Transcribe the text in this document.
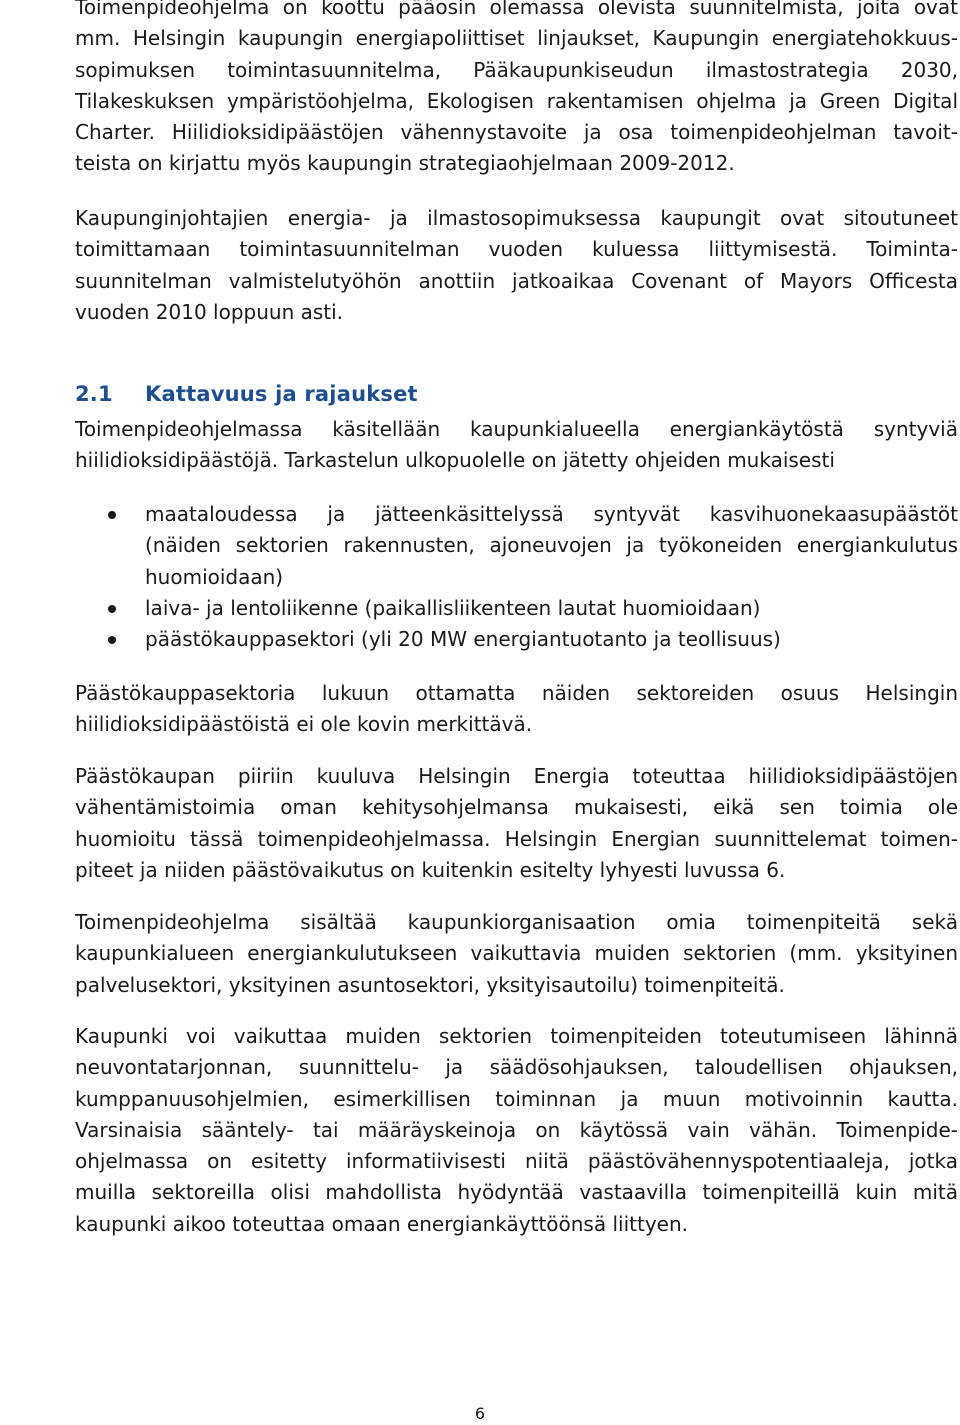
Toimenpideohjelma on koottu pääosin olemassa olevista suunnitelmista, joita ovat
mm. Helsingin kaupungin energiapoliittiset linjaukset, Kaupungin energiatehokkuus-
sopimuksen toimintasuunnitelma, Pääkaupunkiseudun ilmastostrategia 2030,
Tilakeskuksen ympäristöohjelma, Ekologisen rakentamisen ohjelma ja Green Digital
Charter. Hiilidioksidipäästöjen vähennystavoite ja osa toimenpideohjelman tavoit-
teista on kirjattu myös kaupungin strategiaohjelmaan 2009-2012.
Kaupunginjohtajien energia- ja ilmastosopimuksessa kaupungit ovat sitoutuneet
toimittamaan toimintasuunnitelman vuoden kuluessa liittymisestä. Toiminta-
suunnitelman valmistelutyöhön anottiin jatkoaikaa Covenant of Mayors Officesta
vuoden 2010 loppuun asti.
2.1 Kattavuus ja rajaukset
Toimenpideohjelmassa käsitellään kaupunkialueella energiankäytöstä syntyviä
hiilidioksidipäästöjä. Tarkastelun ulkopuolelle on jätetty ohjeiden mukaisesti
maataloudessa ja jätteenkäsittelyssä syntyvät kasvihuonekaasupäästöt
(näiden sektorien rakennusten, ajoneuvojen ja työkoneiden energiankulutus
huomioidaan)
laiva- ja lentoliikenne (paikallisliikenteen lautat huomioidaan)
päästökauppasektori (yli 20 MW energiantuotanto ja teollisuus)
Päästökauppasektoria lukuun ottamatta näiden sektoreiden osuus Helsingin
hiilidioksidipäästöistä ei ole kovin merkittävä.
Päästökaupan piiriin kuuluva Helsingin Energia toteuttaa hiilidioksidipäästöjen
vähentämistoimia oman kehitysohjelmansa mukaisesti, eikä sen toimia ole
huomioitu tässä toimenpideohjelmassa. Helsingin Energian suunnittelemat toimen-
piteet ja niiden päästövaikutus on kuitenkin esitelty lyhyesti luvussa 6.
Toimenpideohjelma sisältää kaupunkiorganisaation omia toimenpiteitä sekä
kaupunkialueen energiankulutukseen vaikuttavia muiden sektorien (mm. yksityinen
palvelusektori, yksityinen asuntosektori, yksityisautoilu) toimenpiteitä.
Kaupunki voi vaikuttaa muiden sektorien toimenpiteiden toteutumiseen lähinnä
neuvontatarjonnan, suunnittelu- ja säädösohjauksen, taloudellisen ohjauksen,
kumppanuusohjelmien, esimerkillisen toiminnan ja muun motivoinnin kautta.
Varsinaisia sääntely- tai määräyskeinoja on käytössä vain vähän. Toimenpide-
ohjelmassa on esitetty informatiivisesti niitä päästövähennyspotentiaaleja, jotka
muilla sektoreilla olisi mahdollista hyödyntää vastaavilla toimenpiteillä kuin mitä
kaupunki aikoo toteuttaa omaan energiankäyttöönsä liittyen.
6
